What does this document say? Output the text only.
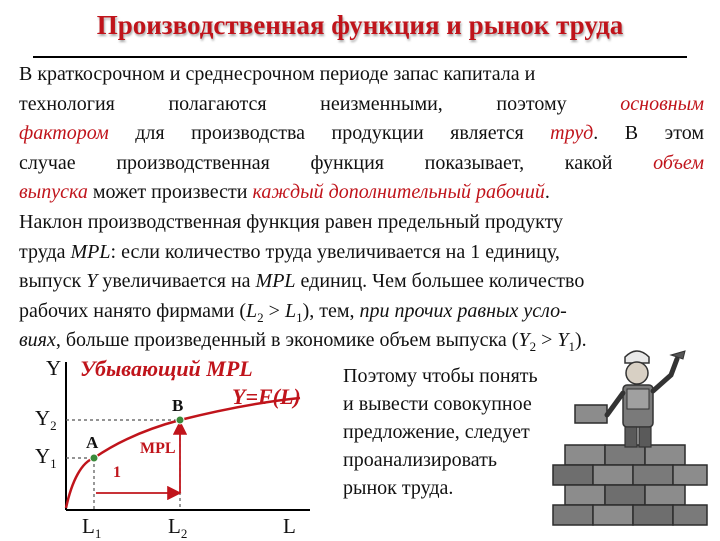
Производственная функция и рынок труда
В краткосрочном и среднесрочном периоде запас капитала и
технология полагаются неизменными, поэтому	основным
фактором для производства продукции является труд. В этом
случае производственная функция показывает, какой объем
выпуска может произвести каждый дополнительный рабочий.
Наклон производственная функция равен предельный продукту
труда MPL: если количество труда увеличивается на 1 единицу,
выпуск Y увеличивается на MPL единиц. Чем большее количество
рабочих нанято фирмами $(L_2 > L_1)$, тем, при прочих равных усло-
виях, больше произведенный в экономике объем выпуска $(Y_2 > Y_1)$.
Убывающий MPL
Y=F(L)
Y
L
$Y_2$
$Y_1$
$L_1$	$L_2$
A
B
MPL
1
Поэтому чтобы понять
и вывести совокупное
предложение, следует
проанализировать
рынок труда.
